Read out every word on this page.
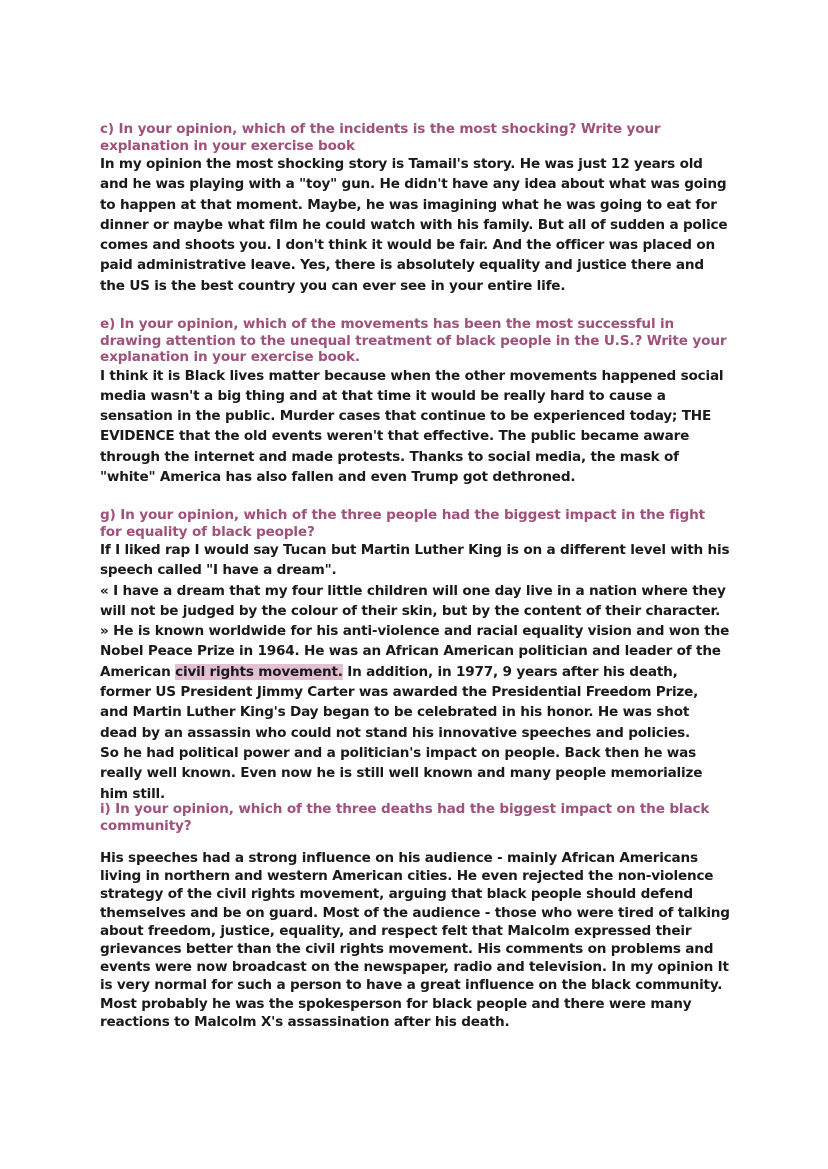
c) In your opinion, which of the incidents is the most shocking? Write your explanation in your exercise book

In my opinion the most shocking story is Tamail's story. He was just 12 years old and he was playing with a "toy" gun. He didn't have any idea about what was going to happen at that moment. Maybe, he was imagining what he was going to eat for dinner or maybe what film he could watch with his family. But all of sudden a police comes and shoots you. I don't think it would be fair. And the officer was placed on paid administrative leave. Yes, there is absolutely equality and justice there and the US is the best country you can ever see in your entire life.

e) In your opinion, which of the movements has been the most successful in drawing attention to the unequal treatment of black people in the U.S.? Write your explanation in your exercise book.

I think it is Black lives matter because when the other movements happened social media wasn't a big thing and at that time it would be really hard to cause a sensation in the public. Murder cases that continue to be experienced today; THE EVIDENCE that the old events weren't that effective. The public became aware through the internet and made protests. Thanks to social media, the mask of "white" America has also fallen and even Trump got dethroned.

g) In your opinion, which of the three people had the biggest impact in the fight for equality of black people?

If I liked rap I would say Tucan but Martin Luther King is on a different level with his speech called "I have a dream".

« I have a dream that my four little children will one day live in a nation where they will not be judged by the colour of their skin, but by the content of their character. » He is known worldwide for his anti-violence and racial equality vision and won the Nobel Peace Prize in 1964. He was an African American politician and leader of the American civil rights movement. In addition, in 1977, 9 years after his death, former US President Jimmy Carter was awarded the Presidential Freedom Prize, and Martin Luther King's Day began to be celebrated in his honor. He was shot dead by an assassin who could not stand his innovative speeches and policies.

So he had political power and a politician's impact on people. Back then he was really well known. Even now he is still well known and many people memorialize him still.

i) In your opinion, which of the three deaths had the biggest impact on the black community?

His speeches had a strong influence on his audience - mainly African Americans living in northern and western American cities. He even rejected the non-violence strategy of the civil rights movement, arguing that black people should defend themselves and be on guard. Most of the audience - those who were tired of talking about freedom, justice, equality, and respect felt that Malcolm expressed their grievances better than the civil rights movement. His comments on problems and events were now broadcast on the newspaper, radio and television. In my opinion It is very normal for such a person to have a great influence on the black community. Most probably he was the spokesperson for black people and there were many reactions to Malcolm X's assassination after his death.
